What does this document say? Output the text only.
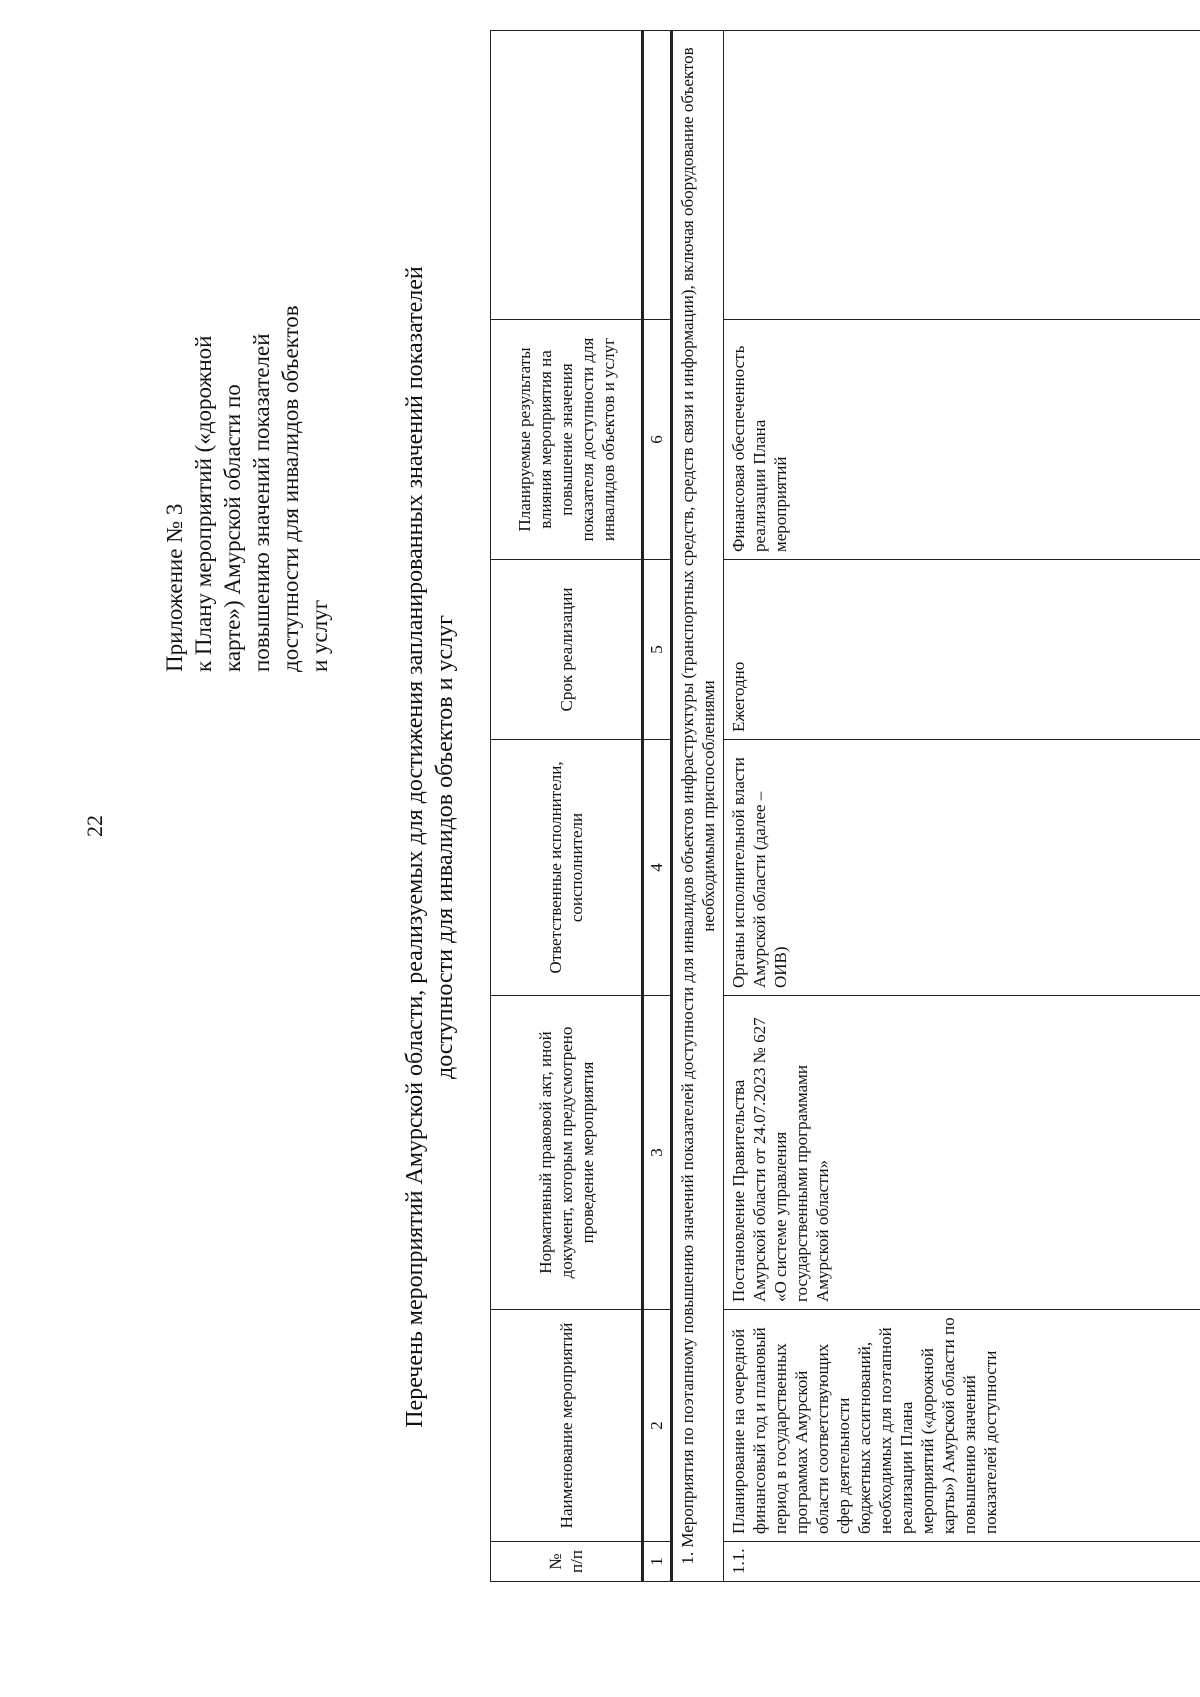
22
Приложение № 3 к Плану мероприятий («дорожной карте») Амурской области по повышению значений показателей доступности для инвалидов объектов и услуг	Перечень мероприятий Амурской области, реализуемых для достижения запланированных значений показателей доступности для инвалидов объектов и услуг
№ п/п	Наименование мероприятий	Нормативный правовой акт, иной документ, которым предусмотрено проведение мероприятия	Ответственные исполнители, соисполнители	Срок реализации	Планируемые результаты влияния мероприятия на повышение значения показателя доступности для инвалидов объектов и услуг	
1	2	3	4	5	6	
1. Мероприятия по поэтапному повышению значений показателей доступности для инвалидов объектов инфраструктуры (транспортных средств, средств связи и информации), включая оборудование объектов необходимыми приспособлениями						
1.1.	Планирование на очередной финансовый год и плановый период в государственных программах Амурской области соответствующих сфер деятельности бюджетных ассигнований, необходимых для поэтапной реализации Плана мероприятий («дорожной карты») Амурской области по повышению значений показателей доступности	Постановление Правительства Амурской области от 24.07.2023 № 627 «О системе управления государственными программами Амурской области»	Органы исполнительной власти Амурской области (далее – ОИВ)	Ежегодно	Финансовая обеспеченность реализации Плана мероприятий	
